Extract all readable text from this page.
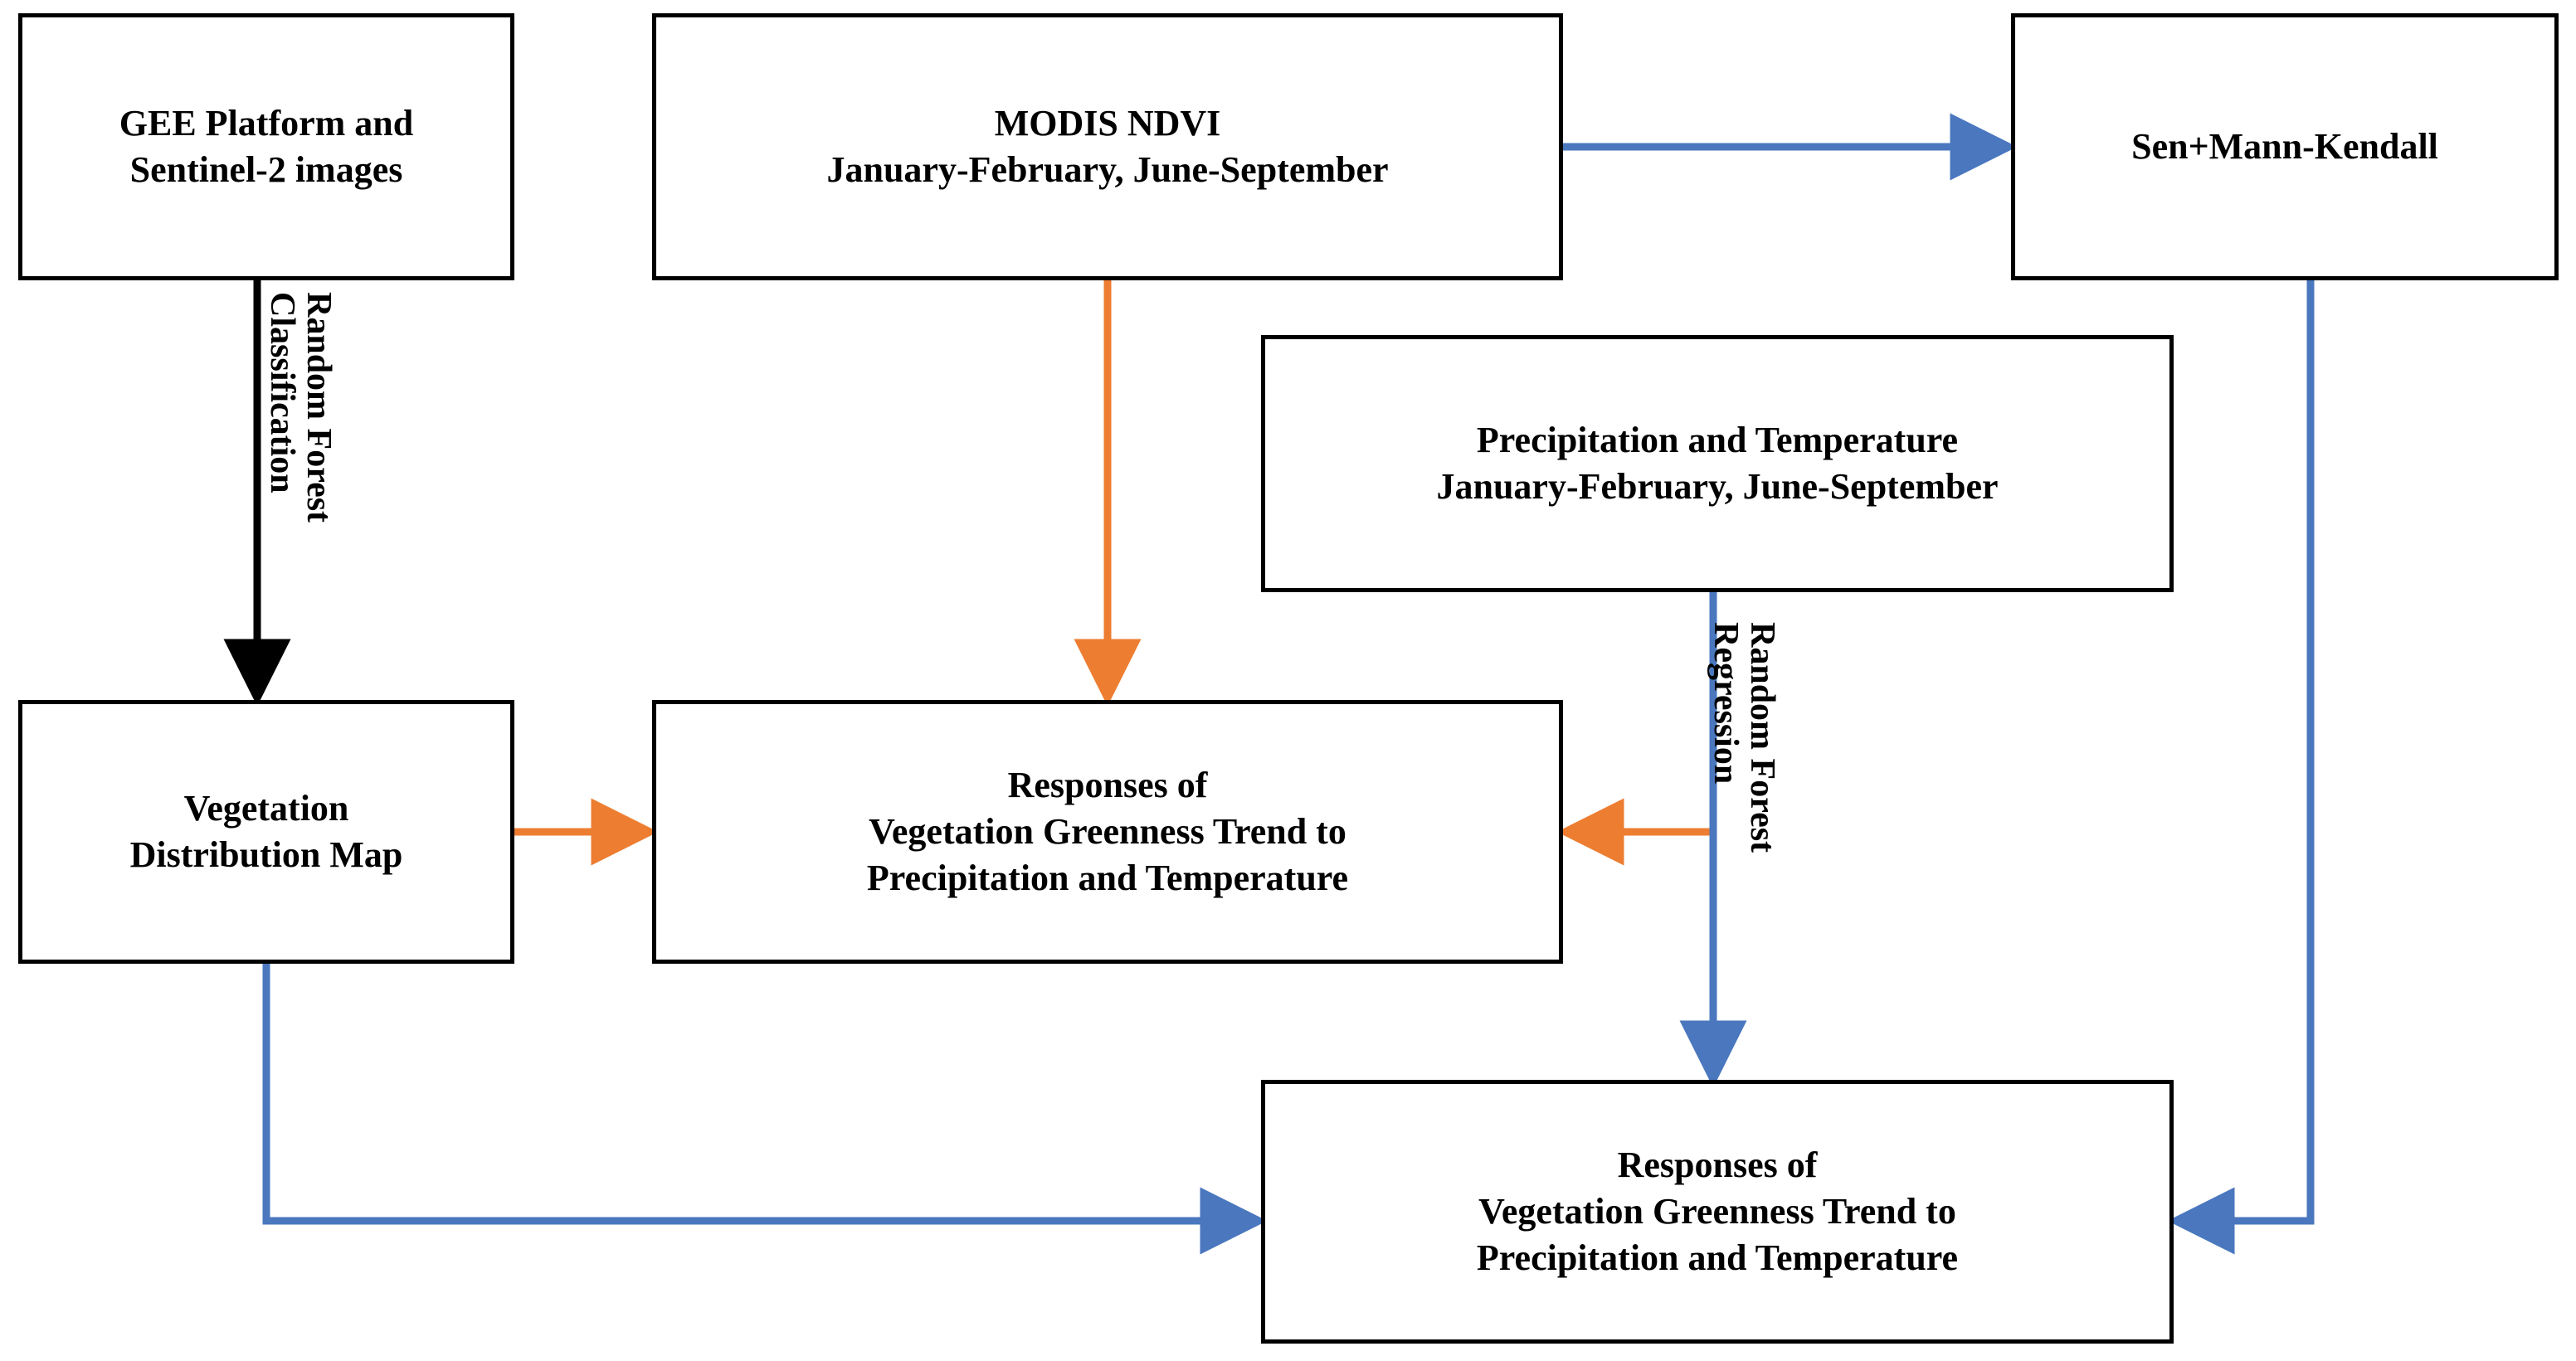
GEE Platform and
Sentinel-2 images
MODIS NDVI
January-February, June-September
Sen+Mann-Kendall
Precipitation and Temperature
January-February, June-September
Vegetation
Distribution Map
Responses of
Vegetation Greenness Trend to
Precipitation and Temperature
Responses of
Vegetation Greenness Trend to
Precipitation and Temperature
Random Forest
Classification
Random Forest
Regression
